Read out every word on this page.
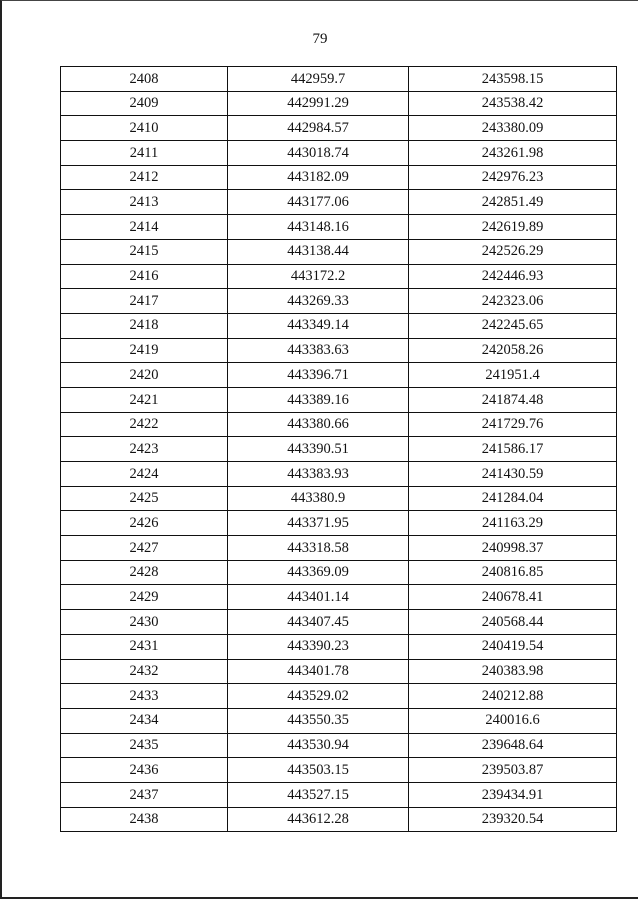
79
2408	442959.7	243598.15
2409	442991.29	243538.42
2410	442984.57	243380.09
2411	443018.74	243261.98
2412	443182.09	242976.23
2413	443177.06	242851.49
2414	443148.16	242619.89
2415	443138.44	242526.29
2416	443172.2	242446.93
2417	443269.33	242323.06
2418	443349.14	242245.65
2419	443383.63	242058.26
2420	443396.71	241951.4
2421	443389.16	241874.48
2422	443380.66	241729.76
2423	443390.51	241586.17
2424	443383.93	241430.59
2425	443380.9	241284.04
2426	443371.95	241163.29
2427	443318.58	240998.37
2428	443369.09	240816.85
2429	443401.14	240678.41
2430	443407.45	240568.44
2431	443390.23	240419.54
2432	443401.78	240383.98
2433	443529.02	240212.88
2434	443550.35	240016.6
2435	443530.94	239648.64
2436	443503.15	239503.87
2437	443527.15	239434.91
2438	443612.28	239320.54
